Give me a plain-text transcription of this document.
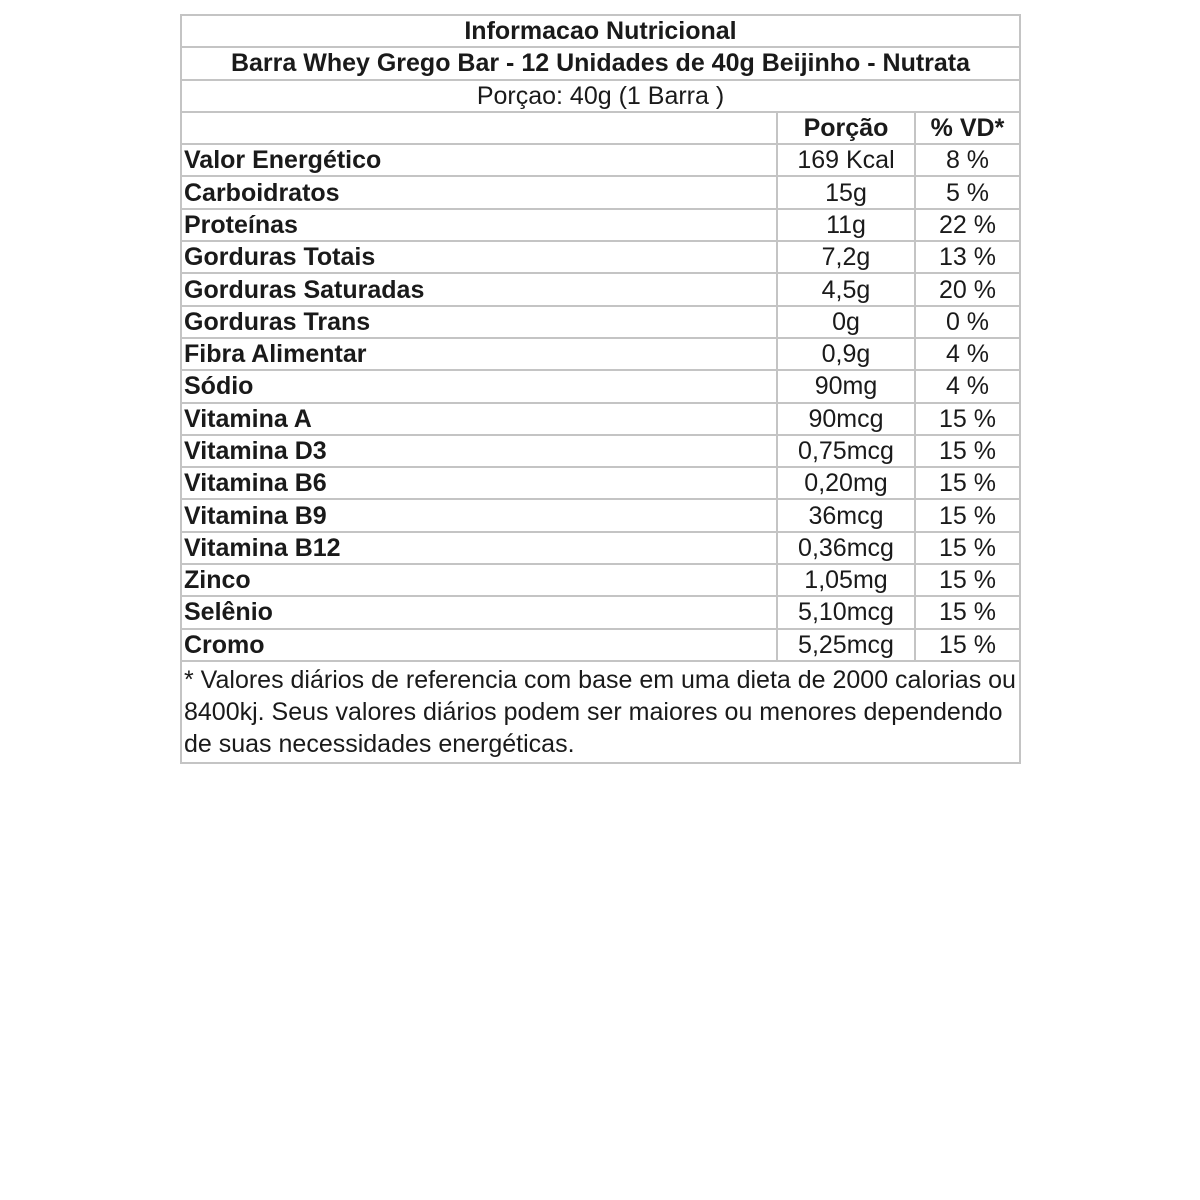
Informacao Nutricional		
Barra Whey Grego Bar - 12 Unidades de 40g Beijinho - Nutrata		
Porçao: 40g (1 Barra )		
	Porção	% VD*
Valor Energético	169 Kcal	8 %
Carboidratos	15g	5 %
Proteínas	11g	22 %
Gorduras Totais	7,2g	13 %
Gorduras Saturadas	4,5g	20 %
Gorduras Trans	0g	0 %
Fibra Alimentar	0,9g	4 %
Sódio	90mg	4 %
Vitamina A	90mcg	15 %
Vitamina D3	0,75mcg	15 %
Vitamina B6	0,20mg	15 %
Vitamina B9	36mcg	15 %
Vitamina B12	0,36mcg	15 %
Zinco	1,05mg	15 %
Selênio	5,10mcg	15 %
Cromo	5,25mcg	15 %

* Valores diários de referencia com base em uma dieta de 2000 calorias ou 8400kj. Seus valores diários podem ser maiores ou menores dependendo de suas necessidades energéticas.		
